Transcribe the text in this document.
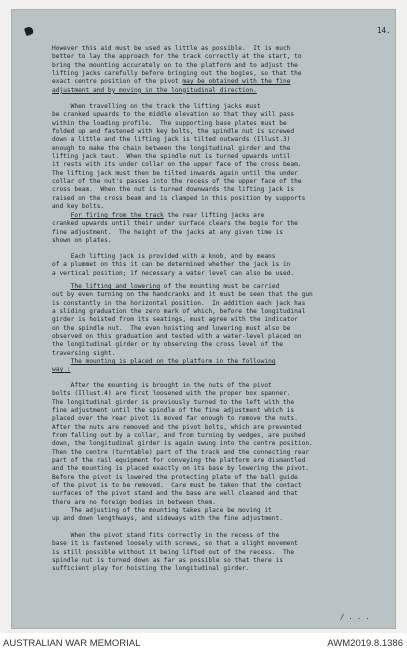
14.

However this aid must be used as little as possible.  It is much
better to lay the approach for the track correctly at the start, to
bring the mounting accurately on to the platform and to adjust the
lifting jacks carefully before bringing out the bogies, so that the
exact centre position of the pivot may be obtained with the fine
adjustment and by moving in the longitudinal direction.

When travelling on the track the lifting jacks must
be cranked upwards to the middle elevation so that they will pass
within the loading profile.  The supporting base plates must be
folded up and fastened with key bolts, the spindle nut is screwed
down a little and the lifting jack is tilted outwards (Illust.3)
enough to make the chain between the longitudinal girder and the
lifting jack taut.  When the spindle nut is turned upwards until
it rests with its under collar on the upper face of the cross beam.
The lifting jack must then be tilted inwards again until the under
collar of the nut's passes into the recess of the upper face of the
cross beam.  When the nut is turned downwards the lifting jack is
raised on the cross beam and is clamped in this position by supports
and key bolts.

For firing from the track the rear lifting jacks are
cranked upwards until their under surface clears the bogie for the
fine adjustment.  The height of the jacks at any given time is
shown on plates.

Each lifting jack is provided with a knob, and by means
of a plummet on this it can be determined whether the jack is in
a vertical position; if necessary a water level can also be used.

The lifting and lowering of the mounting must be carried
out by even turning on the handcranks and it must be seen that the gun
is constantly in the horizontal position.  In addition each jack has
a sliding graduation the zero mark of which, before the longitudinal
girder is hoisted from its seatings, must agree with the indicator
on the spindle nut.  The even hoisting and lowering must also be
observed on this graduation and tested with a water-level placed on
the longitudinal girder or by observing the cross level of the
traversing sight.

The mounting is placed on the platform in the following
way :

After the mounting is brought in the nuts of the pivot
bolts (Illust.4) are first loosened with the proper box spanner.
The longitudinal girder is previously turned to the left with the
fine adjustment until the spindle of the fine adjustment which is
placed over the rear pivot is moved far enough to remove the nuts.
After the nuts are removed and the pivot bolts, which are prevented
from falling out by a collar, and from turning by wedges, are pushed
down, the longitudinal girder is again swung into the centre position.
Then the centre (turntable) part of the track and the connecting rear
part of the rail equipment for conveying the platform are dismantled
and the mounting is placed exactly on its base by lowering the pivot.
Before the pivot is lowered the protecting plate of the ball guide
of the pivot is to be removed.  Care must be taken that the contact
surfaces of the pivot stand and the base are well cleaned and that
there are no foreign bodies in between them.

The adjusting of the mounting takes place be moving it
up and down lengthways, and sideways with the fine adjustment.

When the pivot stand fits correctly in the recess of the
base it is fastened loosely with screws, so that a slight movement
is still possible without it being lifted out of the recess.  The
spindle nut is turned down as far as possible so that there is
sufficient play for hoisting the longitudinal girder.

/ . . .
AUSTRALIAN WAR MEMORIAL	AWM2019.8.1386
